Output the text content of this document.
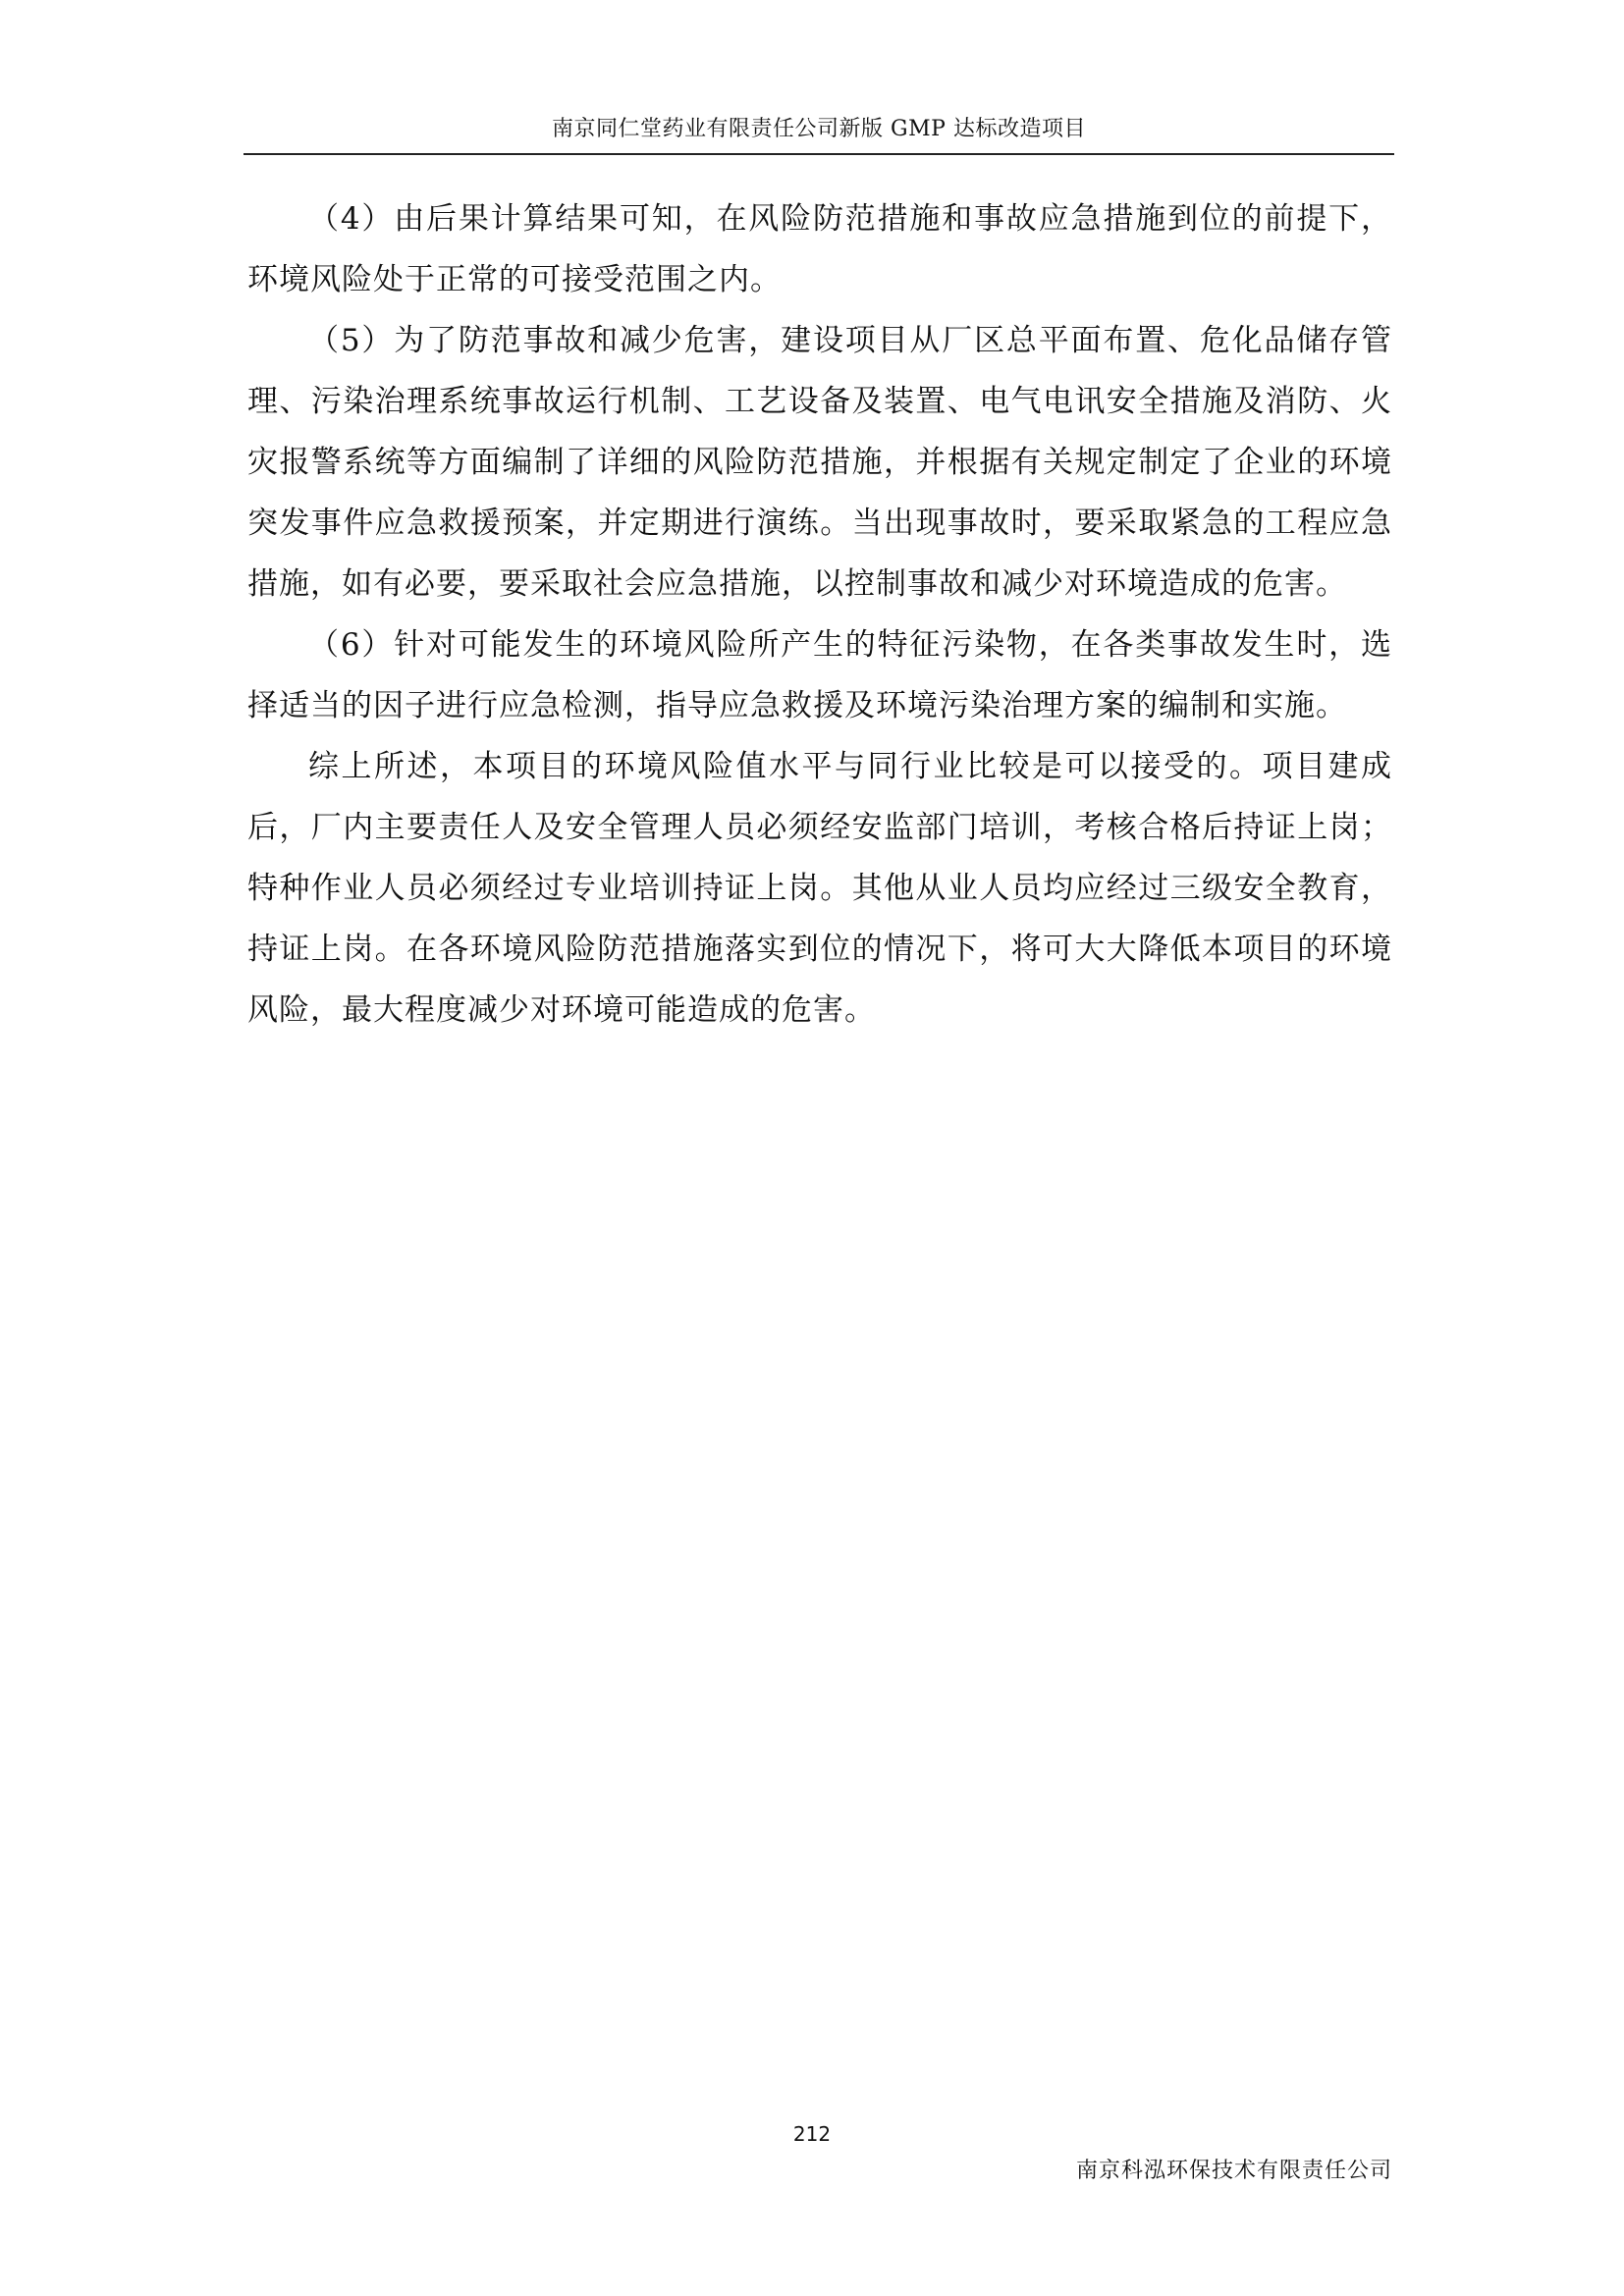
南京同仁堂药业有限责任公司新版 GMP 达标改造项目

（4）由后果计算结果可知，在风险防范措施和事故应急措施到位的前提下，环境风险处于正常的可接受范围之内。

（5）为了防范事故和减少危害，建设项目从厂区总平面布置、危化品储存管理、污染治理系统事故运行机制、工艺设备及装置、电气电讯安全措施及消防、火灾报警系统等方面编制了详细的风险防范措施，并根据有关规定制定了企业的环境突发事件应急救援预案，并定期进行演练。当出现事故时，要采取紧急的工程应急措施，如有必要，要采取社会应急措施，以控制事故和减少对环境造成的危害。

（6）针对可能发生的环境风险所产生的特征污染物，在各类事故发生时，选择适当的因子进行应急检测，指导应急救援及环境污染治理方案的编制和实施。

综上所述，本项目的环境风险值水平与同行业比较是可以接受的。项目建成后，厂内主要责任人及安全管理人员必须经安监部门培训，考核合格后持证上岗；特种作业人员必须经过专业培训持证上岗。其他从业人员均应经过三级安全教育，持证上岗。在各环境风险防范措施落实到位的情况下，将可大大降低本项目的环境风险，最大程度减少对环境可能造成的危害。

212
南京科泓环保技术有限责任公司
